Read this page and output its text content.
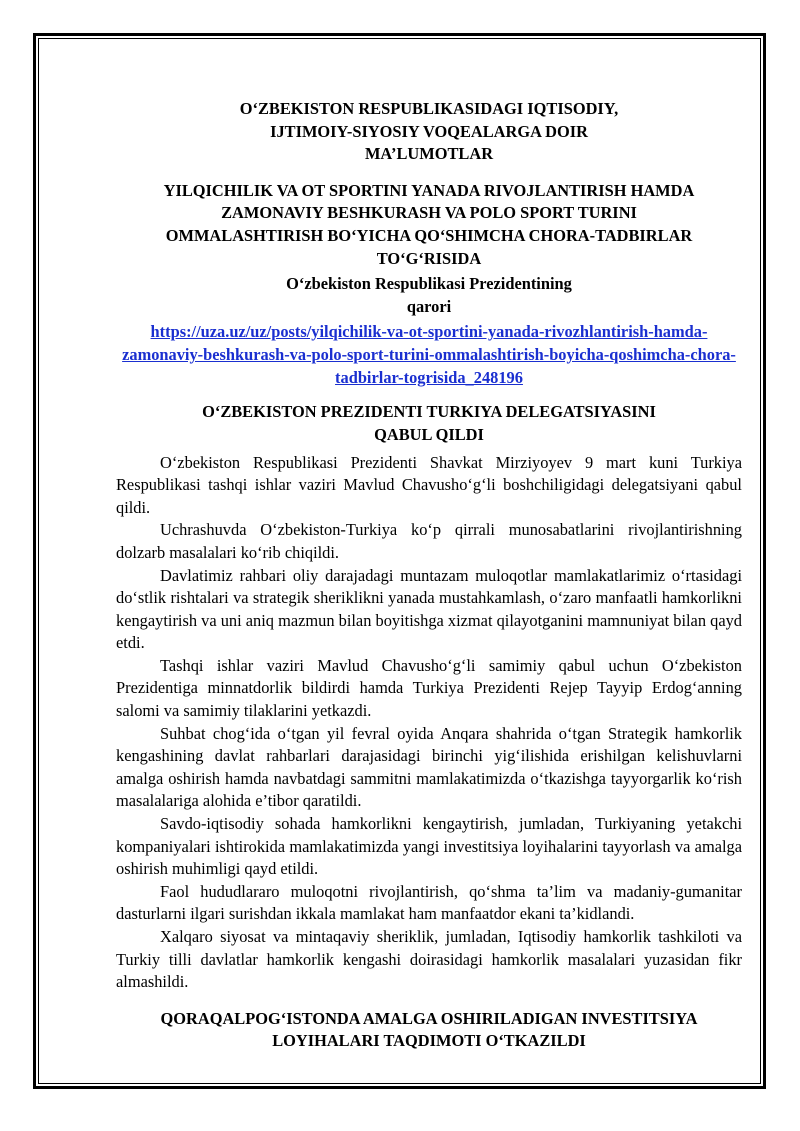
O‘ZBEKISTON RESPUBLIKASIDAGI IQTISODIY,

IJTIMOIY-SIYOSIY VOQEALARGA DOIR

MA’LUMOTLAR

YILQICHILIK VA OT SPORTINI YANADA RIVOJLANTIRISH HAMDA

ZAMONAVIY BESHKURASH VA POLO SPORT TURINI

OMMALASHTIRISH BO‘YICHA QO‘SHIMCHA CHORA-TADBIRLAR

TO‘G‘RISIDA

O‘zbekiston Respublikasi Prezidentining

qarori

https://uza.uz/uz/posts/yilqichilik-va-ot-sportini-yanada-rivozhlantirish-hamda-zamonaviy-beshkurash-va-polo-sport-turini-ommalashtirish-boyicha-qoshimcha-chora-tadbirlar-togrisida_248196

O‘ZBEKISTON PREZIDENTI TURKIYA DELEGATSIYASINI

QABUL QILDI

O‘zbekiston Respublikasi Prezidenti Shavkat Mirziyoyev 9 mart kuni Turkiya Respublikasi tashqi ishlar vaziri Mavlud Chavusho‘g‘li boshchiligidagi delegatsiyani qabul qildi.

Uchrashuvda O‘zbekiston-Turkiya ko‘p qirrali munosabatlarini rivojlantirishning dolzarb masalalari ko‘rib chiqildi.

Davlatimiz rahbari oliy darajadagi muntazam muloqotlar mamlakatlarimiz o‘rtasidagi do‘stlik rishtalari va strategik sheriklikni yanada mustahkamlash, o‘zaro manfaatli hamkorlikni kengaytirish va uni aniq mazmun bilan boyitishga xizmat qilayotganini mamnuniyat bilan qayd etdi.

Tashqi ishlar vaziri Mavlud Chavusho‘g‘li samimiy qabul uchun O‘zbekiston Prezidentiga minnatdorlik bildirdi hamda Turkiya Prezidenti Rejep Tayyip Erdog‘anning salomi va samimiy tilaklarini yetkazdi.

Suhbat chog‘ida o‘tgan yil fevral oyida Anqara shahrida o‘tgan Strategik hamkorlik kengashining davlat rahbarlari darajasidagi birinchi yig‘ilishida erishilgan kelishuvlarni amalga oshirish hamda navbatdagi sammitni mamlakatimizda o‘tkazishga tayyorgarlik ko‘rish masalalariga alohida e’tibor qaratildi.

Savdo-iqtisodiy sohada hamkorlikni kengaytirish, jumladan, Turkiyaning yetakchi kompaniyalari ishtirokida mamlakatimizda yangi investitsiya loyihalarini tayyorlash va amalga oshirish muhimligi qayd etildi.

Faol hududlararo muloqotni rivojlantirish, qo‘shma ta’lim va madaniy-gumanitar dasturlarni ilgari surishdan ikkala mamlakat ham manfaatdor ekani ta’kidlandi.

Xalqaro siyosat va mintaqaviy sheriklik, jumladan, Iqtisodiy hamkorlik tashkiloti va Turkiy tilli davlatlar hamkorlik kengashi doirasidagi hamkorlik masalalari yuzasidan fikr almashildi.

QORAQALPOG‘ISTONDA AMALGA OSHIRILADIGAN INVESTITSIYA

LOYIHALARI TAQDIMOTI O‘TKAZILDI
